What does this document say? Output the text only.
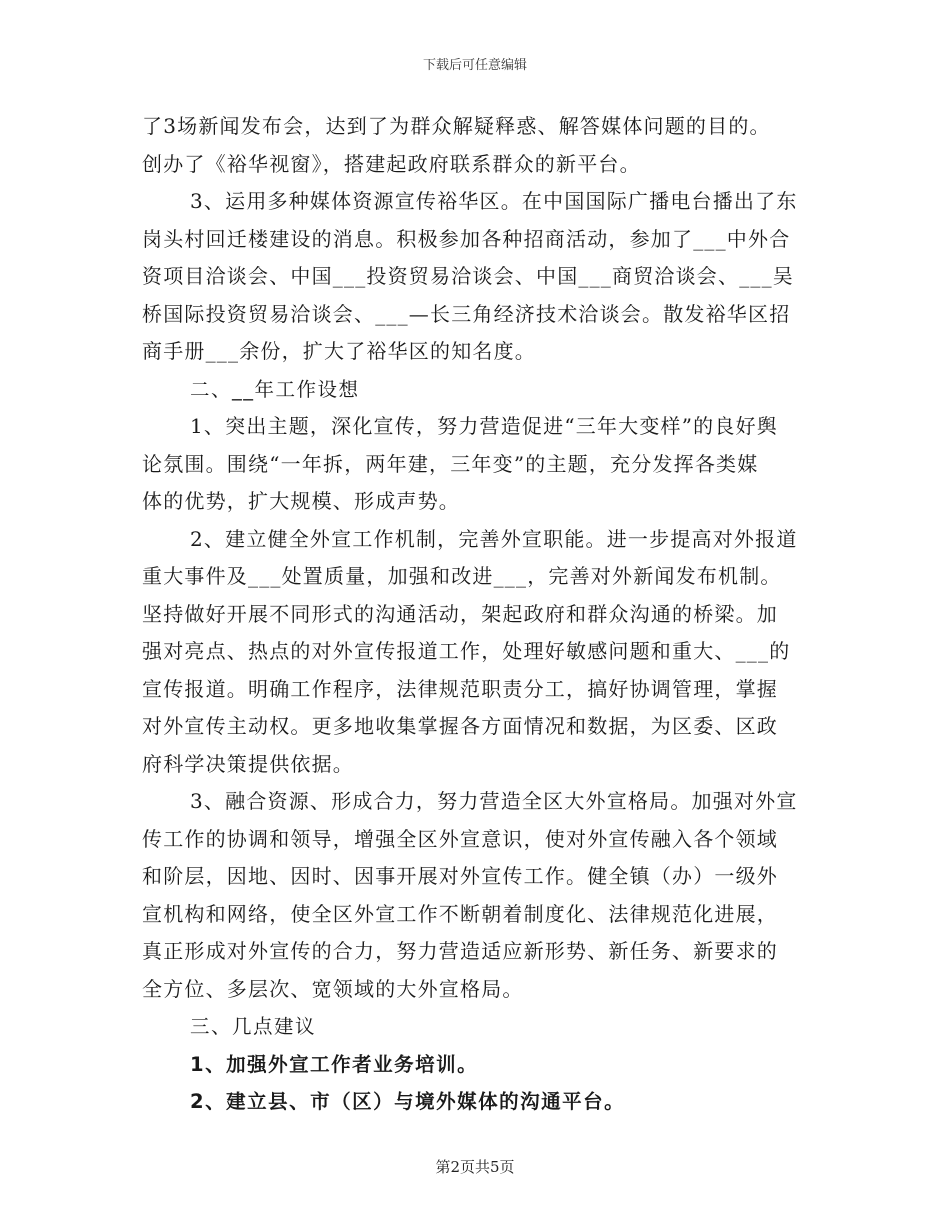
下载后可任意编辑
了3场新闻发布会，达到了为群众解疑释惑、解答媒体问题的目的。
创办了《裕华视窗》，搭建起政府联系群众的新平台。
3、运用多种媒体资源宣传裕华区。在中国国际广播电台播出了东
岗头村回迁楼建设的消息。积极参加各种招商活动，参加了___中外合
资项目洽谈会、中国___投资贸易洽谈会、中国___商贸洽谈会、___吴
桥国际投资贸易洽谈会、___—长三角经济技术洽谈会。散发裕华区招
商手册___余份，扩大了裕华区的知名度。
二、__年工作设想
1、突出主题，深化宣传，努力营造促进“三年大变样”的良好舆
论氛围。围绕“一年拆，两年建，三年变”的主题，充分发挥各类媒
体的优势，扩大规模、形成声势。
2、建立健全外宣工作机制，完善外宣职能。进一步提高对外报道
重大事件及___处置质量，加强和改进___，完善对外新闻发布机制。
坚持做好开展不同形式的沟通活动，架起政府和群众沟通的桥梁。加
强对亮点、热点的对外宣传报道工作，处理好敏感问题和重大、___的
宣传报道。明确工作程序，法律规范职责分工，搞好协调管理，掌握
对外宣传主动权。更多地收集掌握各方面情况和数据，为区委、区政
府科学决策提供依据。
3、融合资源、形成合力，努力营造全区大外宣格局。加强对外宣
传工作的协调和领导，增强全区外宣意识，使对外宣传融入各个领域
和阶层，因地、因时、因事开展对外宣传工作。健全镇（办）一级外
宣机构和网络，使全区外宣工作不断朝着制度化、法律规范化进展，
真正形成对外宣传的合力，努力营造适应新形势、新任务、新要求的
全方位、多层次、宽领域的大外宣格局。
三、几点建议
1、加强外宣工作者业务培训。
2、建立县、市（区）与境外媒体的沟通平台。
第2页共5页
